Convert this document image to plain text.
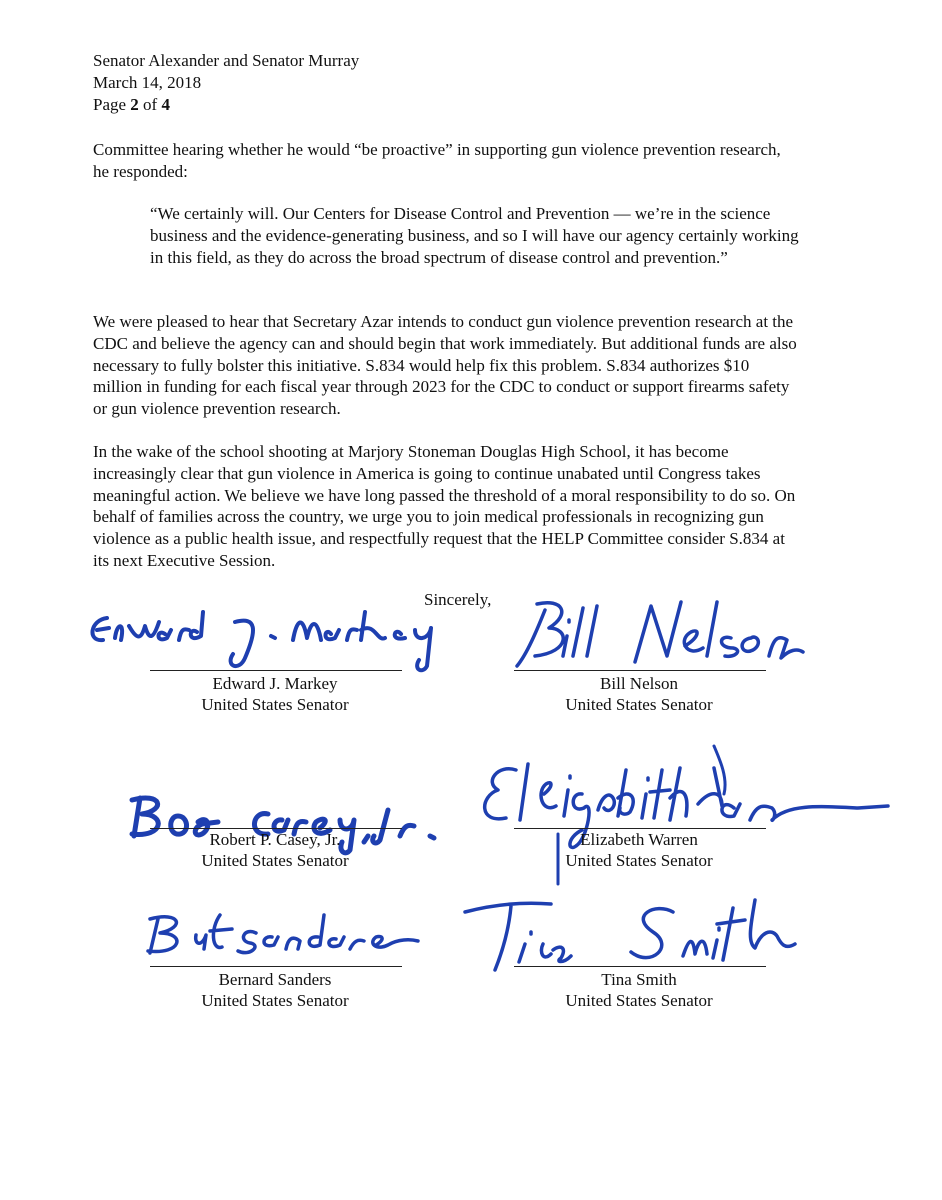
Senator Alexander and Senator Murray
March 14, 2018
Page 2 of 4

Committee hearing whether he would “be proactive” in supporting gun violence prevention research, he responded:

“We certainly will. Our Centers for Disease Control and Prevention — we’re in the science business and the evidence-generating business, and so I will have our agency certainly working in this field, as they do across the broad spectrum of disease control and prevention.”

We were pleased to hear that Secretary Azar intends to conduct gun violence prevention research at the CDC and believe the agency can and should begin that work immediately. But additional funds are also necessary to fully bolster this initiative. S.834 would help fix this problem. S.834 authorizes $10 million in funding for each fiscal year through 2023 for the CDC to conduct or support firearms safety or gun violence prevention research.

In the wake of the school shooting at Marjory Stoneman Douglas High School, it has become increasingly clear that gun violence in America is going to continue unabated until Congress takes meaningful action. We believe we have long passed the threshold of a moral responsibility to do so. On behalf of families across the country, we urge you to join medical professionals in recognizing gun violence as a public health issue, and respectfully request that the HELP Committee consider S.834 at its next Executive Session.

Sincerely,
Edward J. Markey
United States Senator
Bill Nelson
United States Senator
Robert P. Casey, Jr.
United States Senator
Elizabeth Warren
United States Senator
Bernard Sanders
United States Senator
Tina Smith
United States Senator
